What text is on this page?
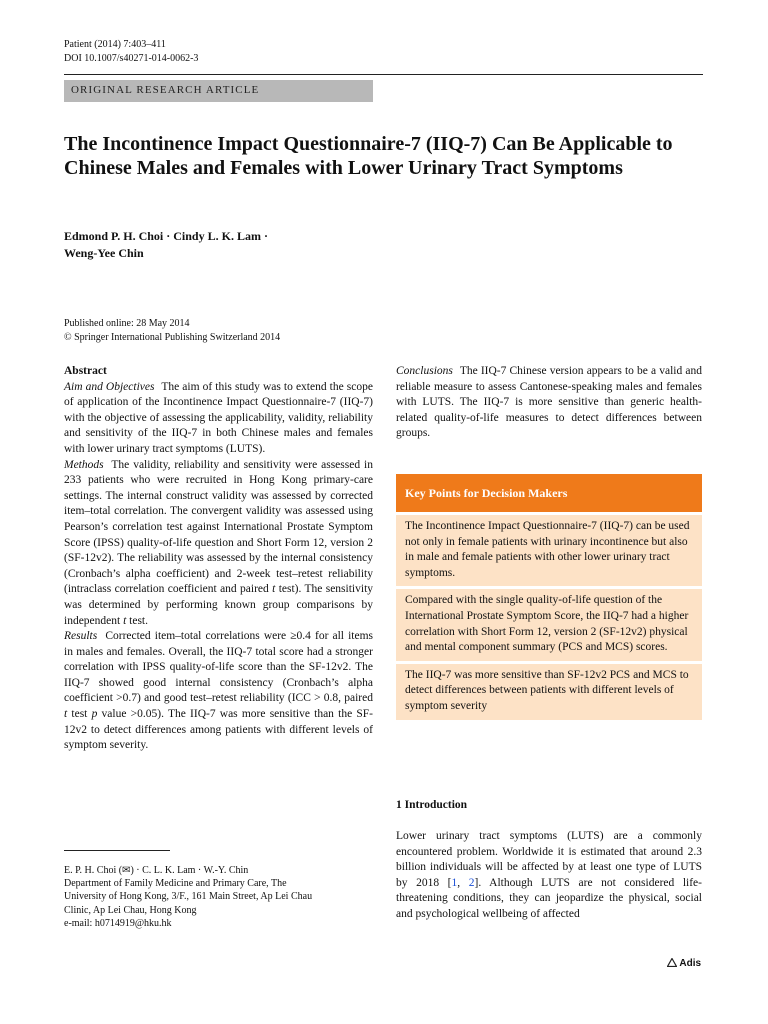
Patient (2014) 7:403–411
DOI 10.1007/s40271-014-0062-3
ORIGINAL RESEARCH ARTICLE
The Incontinence Impact Questionnaire-7 (IIQ-7) Can Be Applicable to Chinese Males and Females with Lower Urinary Tract Symptoms
Edmond P. H. Choi · Cindy L. K. Lam ·
Weng-Yee Chin
Published online: 28 May 2014
© Springer International Publishing Switzerland 2014

Abstract

Aim and Objectives The aim of this study was to extend the scope of application of the Incontinence Impact Questionnaire-7 (IIQ-7) with the objective of assessing the applicability, validity, reliability and sensitivity of the IIQ-7 in both Chinese males and females with lower urinary tract symptoms (LUTS).

Methods The validity, reliability and sensitivity were assessed in 233 patients who were recruited in Hong Kong primary-care settings. The internal construct validity was assessed by corrected item–total correlation. The convergent validity was assessed using Pearson’s correlation test against International Prostate Symptom Score (IPSS) quality-of-life question and Short Form 12, version 2 (SF-12v2). The reliability was assessed by the internal consistency (Cronbach’s alpha coefficient) and 2-week test–retest reliability (intraclass correlation coefficient and paired t test). The sensitivity was determined by performing known group comparisons by independent t test.

Results Corrected item–total correlations were ≥0.4 for all items in males and females. Overall, the IIQ-7 total score had a stronger correlation with IPSS quality-of-life score than the SF-12v2. The IIQ-7 showed good internal consistency (Cronbach’s alpha coefficient >0.7) and good test–retest reliability (ICC > 0.8, paired t test p value >0.05). The IIQ-7 was more sensitive than the SF-12v2 to detect differences among patients with different levels of symptom severity.

E. P. H. Choi (✉) · C. L. K. Lam · W.-Y. Chin
Department of Family Medicine and Primary Care, The
University of Hong Kong, 3/F., 161 Main Street, Ap Lei Chau
Clinic, Ap Lei Chau, Hong Kong
e-mail: h0714919@hku.hk

Conclusions The IIQ-7 Chinese version appears to be a valid and reliable measure to assess Cantonese-speaking males and females with LUTS. The IIQ-7 is more sensitive than generic health-related quality-of-life measures to detect differences between groups.

Key Points for Decision Makers
The Incontinence Impact Questionnaire-7 (IIQ-7) can be used not only in female patients with urinary incontinence but also in male and female patients with other lower urinary tract symptoms.
Compared with the single quality-of-life question of the International Prostate Symptom Score, the IIQ-7 had a higher correlation with Short Form 12, version 2 (SF-12v2) physical and mental component summary (PCS and MCS) scores.
The IIQ-7 was more sensitive than SF-12v2 PCS and MCS to detect differences between patients with different levels of symptom severity
1 Introduction

Lower urinary tract symptoms (LUTS) are a commonly encountered problem. Worldwide it is estimated that around 2.3 billion individuals will be affected by at least one type of LUTS by 2018 [1, 2]. Although LUTS are not considered life-threatening conditions, they can jeopardize the physical, social and psychological wellbeing of affected

Adis
